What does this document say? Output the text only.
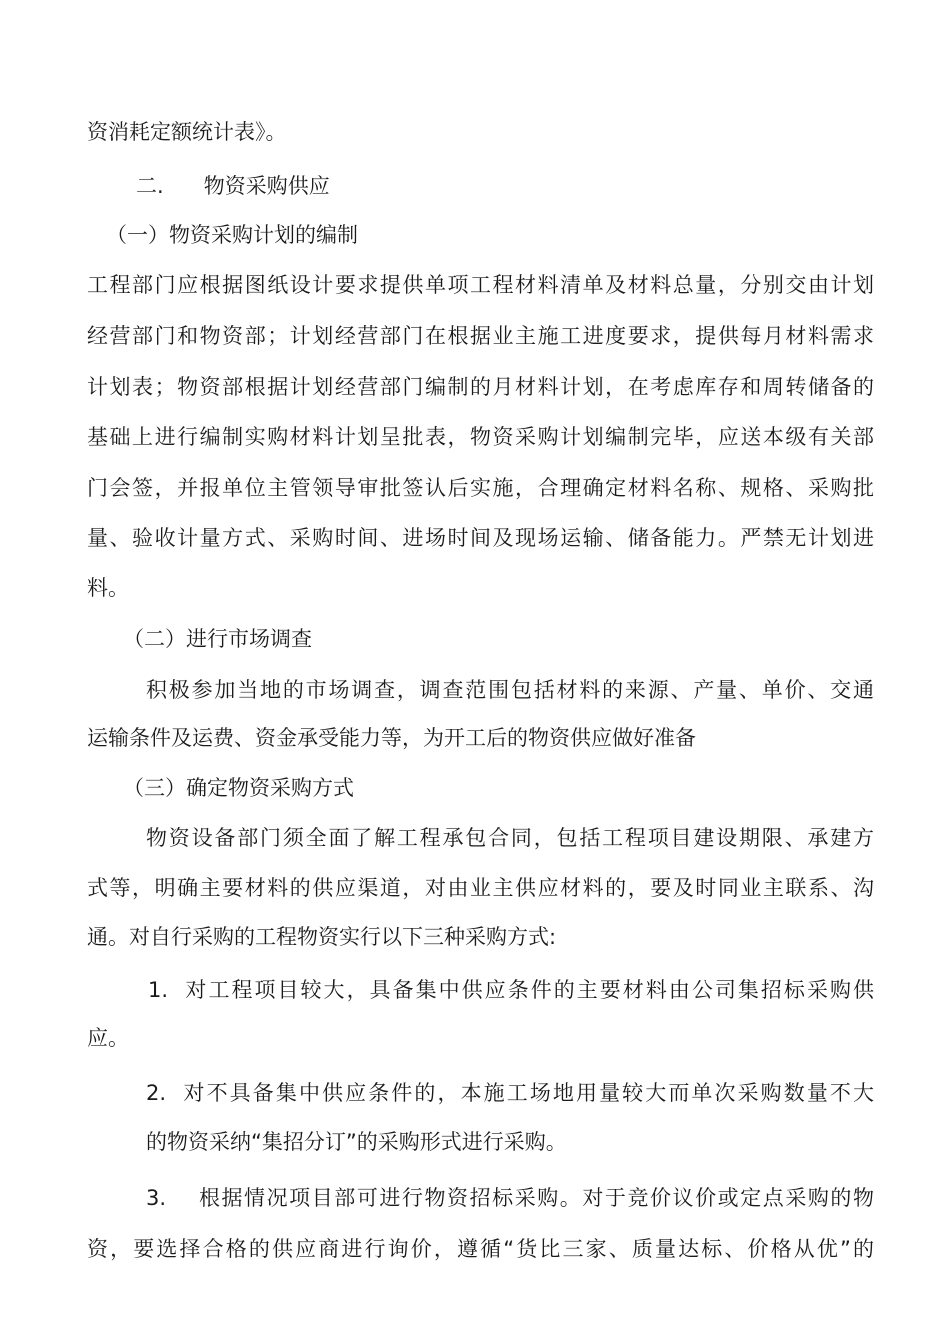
资消耗定额统计表》。
二.      物资采购供应
（一）物资采购计划的编制
工程部门应根据图纸设计要求提供单项工程材料清单及材料总量，分别交由计划
经营部门和物资部；计划经营部门在根据业主施工进度要求，提供每月材料需求
计划表；物资部根据计划经营部门编制的月材料计划，在考虑库存和周转储备的
基础上进行编制实购材料计划呈批表，物资采购计划编制完毕，应送本级有关部
门会签，并报单位主管领导审批签认后实施，合理确定材料名称、规格、采购批
量、验收计量方式、采购时间、进场时间及现场运输、储备能力。严禁无计划进
料。
（二）进行市场调查
积极参加当地的市场调查，调查范围包括材料的来源、产量、单价、交通
运输条件及运费、资金承受能力等，为开工后的物资供应做好准备
（三）确定物资采购方式
物资设备部门须全面了解工程承包合同，包括工程项目建设期限、承建方
式等，明确主要材料的供应渠道，对由业主供应材料的，要及时同业主联系、沟
通。对自行采购的工程物资实行以下三种采购方式:
1.  对工程项目较大，具备集中供应条件的主要材料由公司集招标采购供
应。
2.  对不具备集中供应条件的，本施工场地用量较大而单次采购数量不大
的物资采纳“集招分订”的采购形式进行采购。
3.    根据情况项目部可进行物资招标采购。对于竞价议价或定点采购的物
资，要选择合格的供应商进行询价，遵循“货比三家、质量达标、价格从优”的
